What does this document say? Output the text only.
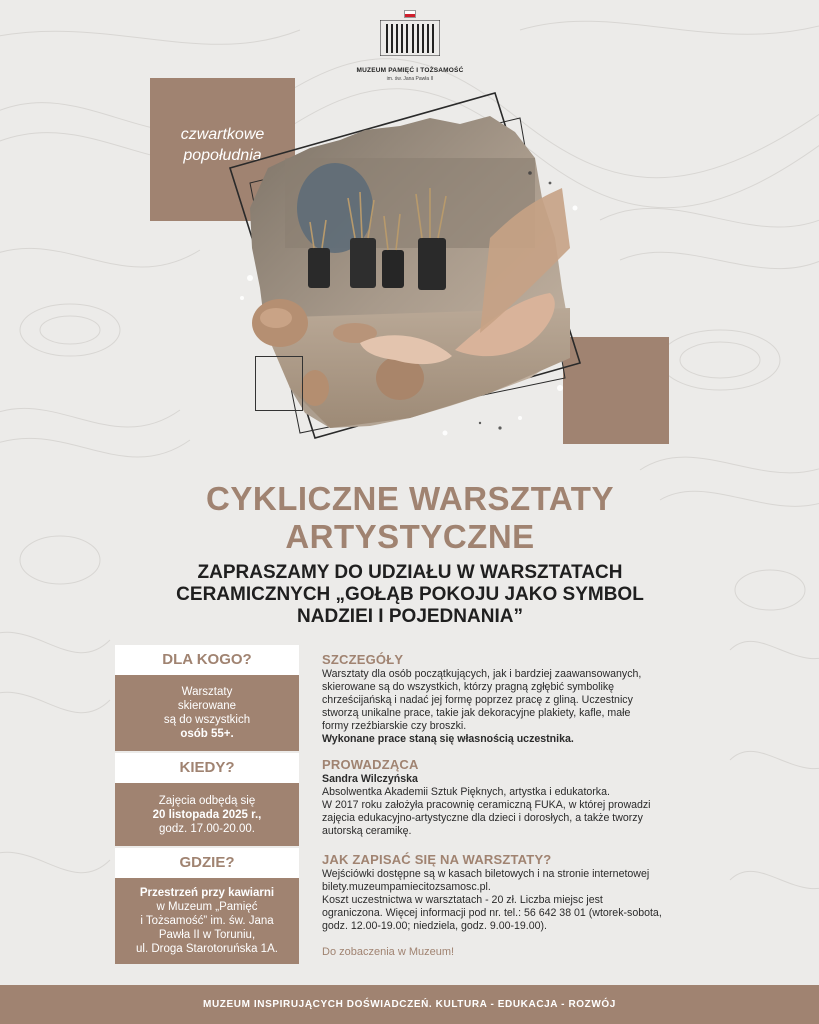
MUZEUM PAMIĘĆ I TOŻSAMOŚĆ
im. św. Jana Pawła II
czwartkowe
popołudnia
CYKLICZNE WARSZTATY
ARTYSTYCZNE
ZAPRASZAMY DO UDZIAŁU W WARSZTATACH
CERAMICZNYCH „GOŁĄB POKOJU JAKO SYMBOL
NADZIEI I POJEDNANIA”
DLA KOGO?
Warsztaty
skierowane
są do wszystkich
osób 55+.
KIEDY?
Zajęcia odbędą się
20 listopada 2025 r.,
godz. 17.00-20.00.
GDZIE?
Przestrzeń przy kawiarni
w Muzeum „Pamięć
i Tożsamość” im. św. Jana
Pawła II w Toruniu,
ul. Droga Starotoruńska 1A.
SZCZEGÓŁY
Warsztaty dla osób początkujących, jak i bardziej zaawansowanych,
skierowane są do wszystkich, którzy pragną zgłębić symbolikę
chrześcijańską i nadać jej formę poprzez pracę z gliną. Uczestnicy
stworzą unikalne prace, takie jak dekoracyjne plakiety, kafle, małe
formy rzeźbiarskie czy broszki.
Wykonane prace staną się własnością uczestnika.
PROWADZĄCA
Sandra Wilczyńska
Absolwentka Akademii Sztuk Pięknych, artystka i edukatorka.
W 2017 roku założyła pracownię ceramiczną FUKA, w której prowadzi
zajęcia edukacyjno-artystyczne dla dzieci i dorosłych, a także tworzy
autorską ceramikę.
JAK ZAPISAĆ SIĘ NA WARSZTATY?
Wejściówki dostępne są w kasach biletowych i na stronie internetowej
bilety.muzeumpamiecitozsamosc.pl.
Koszt uczestnictwa w warsztatach - 20 zł. Liczba miejsc jest
ograniczona. Więcej informacji pod nr. tel.: 56 642 38 01 (wtorek-sobota,
godz. 12.00-19.00; niedziela, godz. 9.00-19.00).
Do zobaczenia w Muzeum!
MUZEUM INSPIRUJĄCYCH DOŚWIADCZEŃ. KULTURA - EDUKACJA - ROZWÓJ
